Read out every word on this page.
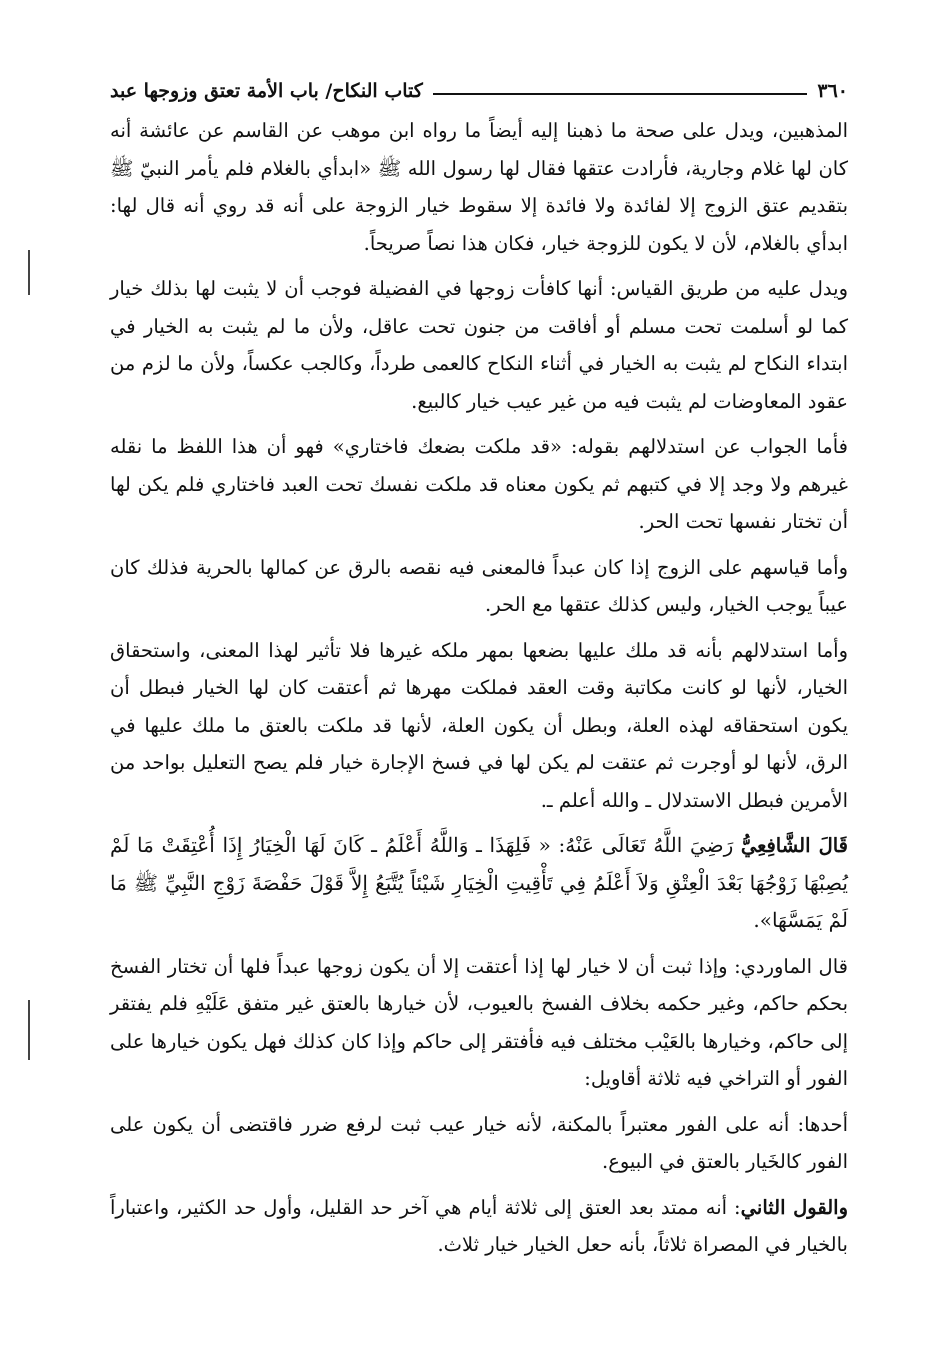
٣٦٠
كتاب النكاح/ باب الأمة تعتق وزوجها عبد

المذهبين، ويدل على صحة ما ذهبنا إليه أيضاً ما رواه ابن موهب عن القاسم عن عائشة أنه كان لها غلام وجارية، فأرادت عتقها فقال لها رسول الله ﷺ «ابدأي بالغلام فلم يأمر النبيّ ﷺ بتقديم عتق الزوج إلا لفائدة ولا فائدة إلا سقوط خيار الزوجة على أنه قد روي أنه قال لها: ابدأي بالغلام، لأن لا يكون للزوجة خيار، فكان هذا نصاً صريحاً.

ويدل عليه من طريق القياس: أنها كافأت زوجها في الفضيلة فوجب أن لا يثبت لها بذلك خيار كما لو أسلمت تحت مسلم أو أفاقت من جنون تحت عاقل، ولأن ما لم يثبت به الخيار في ابتداء النكاح لم يثبت به الخيار في أثناء النكاح كالعمى طرداً، وكالجب عكساً، ولأن ما لزم من عقود المعاوضات لم يثبت فيه من غير عيب خيار كالبيع.

فأما الجواب عن استدلالهم بقوله: «قد ملكت بضعك فاختاري» فهو أن هذا اللفظ ما نقله غيرهم ولا وجد إلا في كتبهم ثم يكون معناه قد ملكت نفسك تحت العبد فاختاري فلم يكن لها أن تختار نفسها تحت الحر.

وأما قياسهم على الزوج إذا كان عبداً فالمعنى فيه نقصه بالرق عن كمالها بالحرية فذلك كان عيباً يوجب الخيار، وليس كذلك عتقها مع الحر.

وأما استدلالهم بأنه قد ملك عليها بضعها بمهر ملكه غيرها فلا تأثير لهذا المعنى، واستحقاق الخيار، لأنها لو كانت مكاتبة وقت العقد فملكت مهرها ثم أعتقت كان لها الخيار فبطل أن يكون استحقاقه لهذه العلة، وبطل أن يكون العلة، لأنها قد ملكت بالعتق ما ملك عليها في الرق، لأنها لو أوجرت ثم عتقت لم يكن لها في فسخ الإجارة خيار فلم يصح التعليل بواحد من الأمرين فبطل الاستدلال ـ والله أعلم ـ.

قَالَ الشَّافِعِيُّ رَضِيَ اللَّهُ تَعَالَى عَنْهُ: « فَلِهَذَا ـ وَاللَّهُ أَعْلَمُ ـ كَانَ لَهَا الْخِيَارُ إِذَا أُعْتِقَتْ مَا لَمْ يُصِبْهَا زَوْجُهَا بَعْدَ الْعِتْقِ وَلاَ أَعْلَمُ فِي تَأْقِيتِ الْخِيَارِ شَيْئاً يُتَّبَعُ إِلاَّ قَوْلَ حَفْصَةَ زَوْجِ النَّبِيِّ ﷺ مَا لَمْ يَمَسَّهَا».

قال الماوردي: وإذا ثبت أن لا خيار لها إذا أعتقت إلا أن يكون زوجها عبداً فلها أن تختار الفسخ بحكم حاكم، وغير حكمه بخلاف الفسخ بالعيوب، لأن خيارها بالعتق غير متفق عَلَيْهِ فلم يفتقر إلى حاكم، وخيارها بالعَيْب مختلف فيه فأفتقر إلى حاكم وإذا كان كذلك فهل يكون خيارها على الفور أو التراخي فيه ثلاثة أقاويل:

أحدها: أنه على الفور معتبراً بالمكنة، لأنه خيار عيب ثبت لرفع ضرر فاقتضى أن يكون على الفور كالخَيار بالعتق في البيوع.

والقول الثاني: أنه ممتد بعد العتق إلى ثلاثة أيام هي آخر حد القليل، وأول حد الكثير، واعتباراً بالخيار في المصراة ثلاثاً، بأنه حعل الخيار خيار ثلاث.
